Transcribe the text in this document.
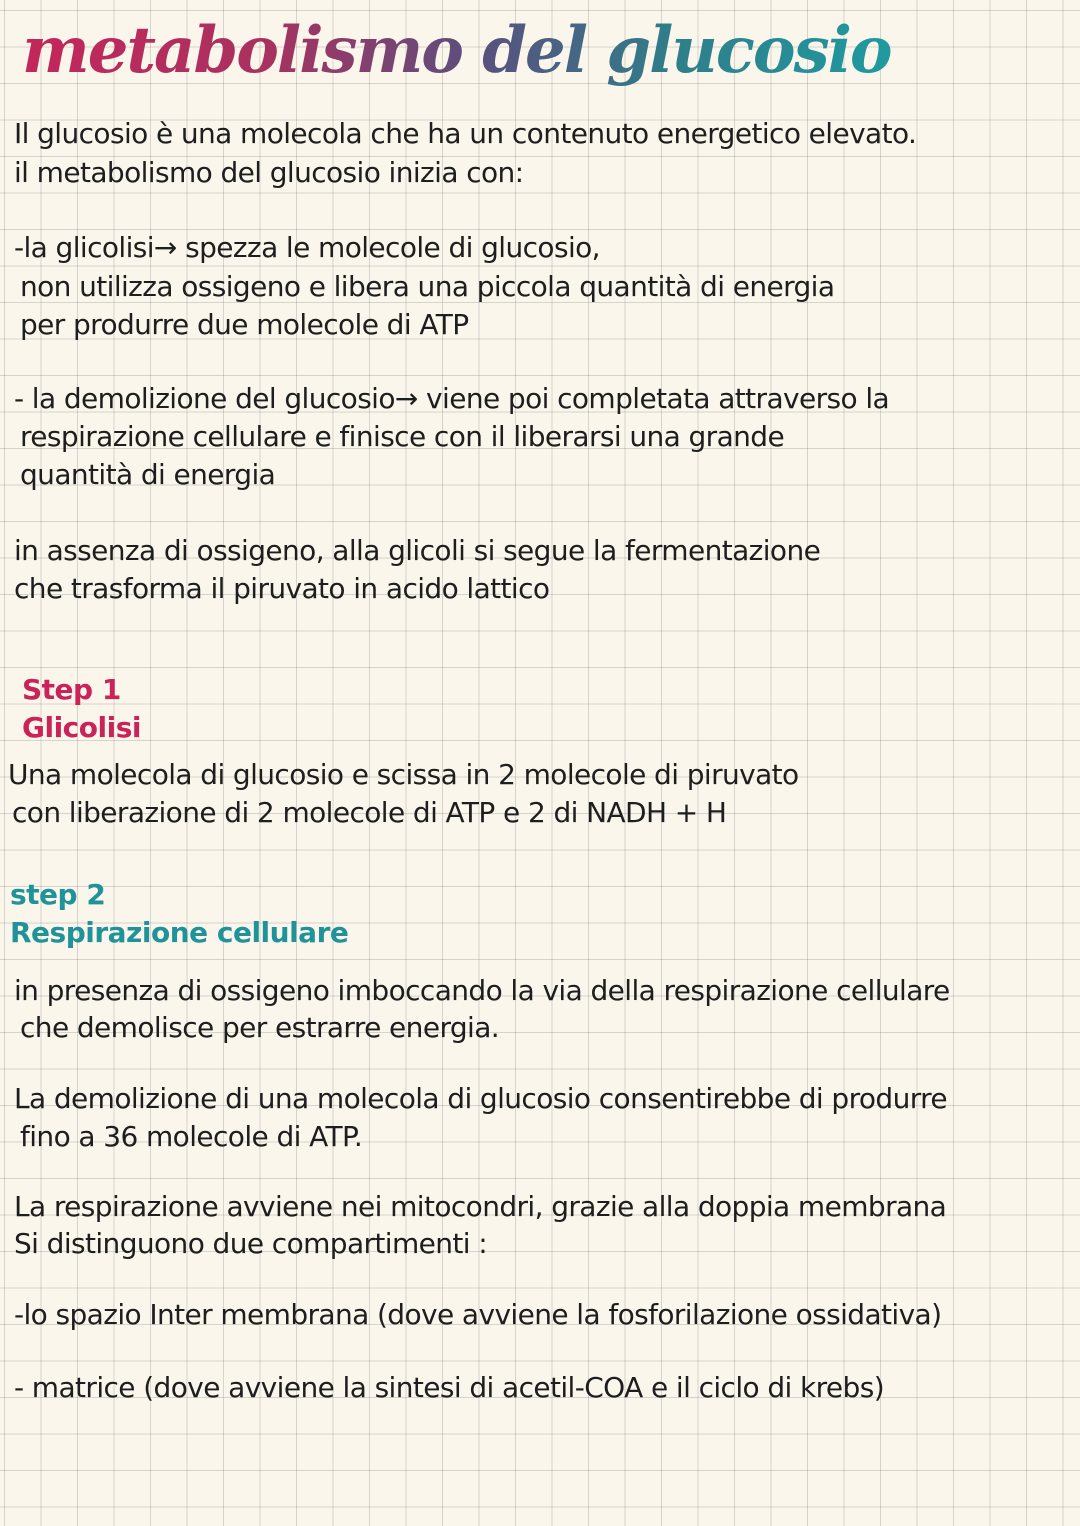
metabolismo del glucosio

Il glucosio è una molecola che ha un contenuto energetico elevato.

il metabolismo del glucosio inizia con:

-la glicolisi→ spezza le molecole di glucosio,

non utilizza ossigeno e libera una piccola quantità di energia

per produrre due molecole di ATP

- la demolizione del glucosio→ viene poi completata attraverso la

respirazione cellulare e finisce con il liberarsi una grande

quantità di energia

in assenza di ossigeno, alla glicoli si segue la fermentazione

che trasforma il piruvato in acido lattico

Step 1

Glicolisi

Una molecola di glucosio e scissa in 2 molecole di piruvato

con liberazione di 2 molecole di ATP e 2 di NADH + H

step 2

Respirazione cellulare

in presenza di ossigeno imboccando la via della respirazione cellulare

che demolisce per estrarre energia.

La demolizione di una molecola di glucosio consentirebbe di produrre

fino a 36 molecole di ATP.

La respirazione avviene nei mitocondri, grazie alla doppia membrana

Si distinguono due compartimenti :

-lo spazio Inter membrana (dove avviene la fosforilazione ossidativa)

- matrice (dove avviene la sintesi di acetil-COA e il ciclo di krebs)
